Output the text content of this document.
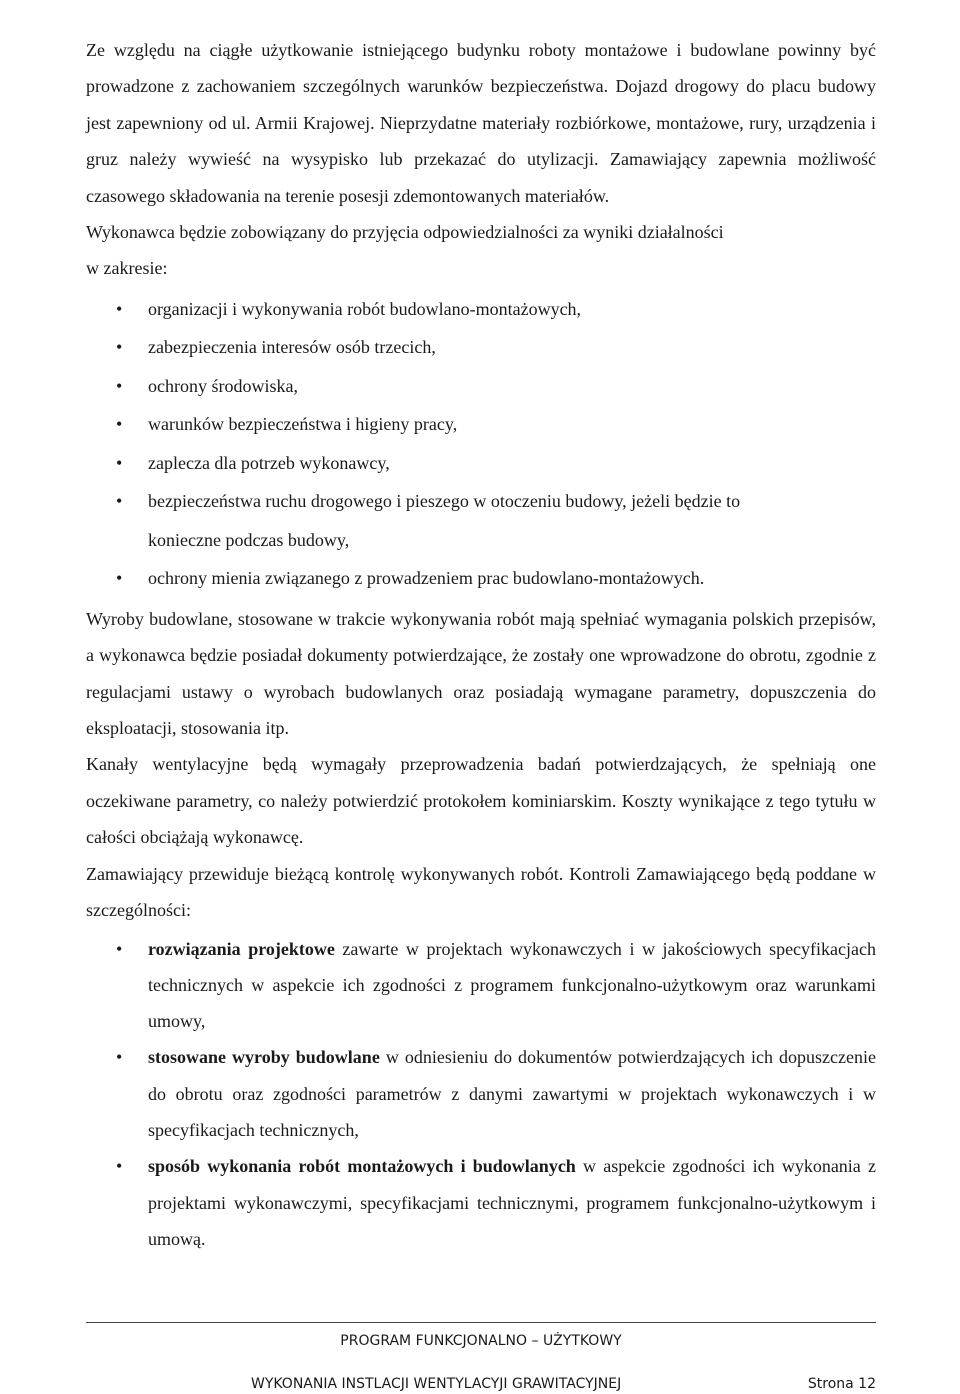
Ze względu na ciągłe użytkowanie istniejącego budynku roboty montażowe i budowlane powinny być prowadzone z zachowaniem szczególnych warunków bezpieczeństwa. Dojazd drogowy do placu budowy jest zapewniony od ul. Armii Krajowej. Nieprzydatne materiały rozbiórkowe, montażowe, rury, urządzenia i gruz należy wywieść na wysypisko lub przekazać do utylizacji. Zamawiający zapewnia możliwość czasowego składowania na terenie posesji zdemontowanych materiałów.

Wykonawca będzie zobowiązany do przyjęcia odpowiedzialności za wyniki działalności
w zakresie:

• organizacji i wykonywania robót budowlano-montażowych,
• zabezpieczenia interesów osób trzecich,
• ochrony środowiska,
• warunków bezpieczeństwa i higieny pracy,
• zaplecza dla potrzeb wykonawcy,
• bezpieczeństwa ruchu drogowego i pieszego w otoczeniu budowy, jeżeli będzie to
konieczne podczas budowy,
• ochrony mienia związanego z prowadzeniem prac budowlano-montażowych.

Wyroby budowlane, stosowane w trakcie wykonywania robót mają spełniać wymagania polskich przepisów, a wykonawca będzie posiadał dokumenty potwierdzające, że zostały one wprowadzone do obrotu, zgodnie z regulacjami ustawy o wyrobach budowlanych oraz posiadają wymagane parametry, dopuszczenia do eksploatacji, stosowania itp.

Kanały wentylacyjne będą wymagały przeprowadzenia badań potwierdzających, że spełniają one oczekiwane parametry, co należy potwierdzić protokołem kominiarskim. Koszty wynikające z tego tytułu w całości obciążają wykonawcę.

Zamawiający przewiduje bieżącą kontrolę wykonywanych robót. Kontroli Zamawiającego będą poddane w szczególności:

• rozwiązania projektowe zawarte w projektach wykonawczych i w jakościowych specyfikacjach technicznych w aspekcie ich zgodności z programem funkcjonalno-użytkowym oraz warunkami umowy,
• stosowane wyroby budowlane w odniesieniu do dokumentów potwierdzających ich dopuszczenie do obrotu oraz zgodności parametrów z danymi zawartymi w projektach wykonawczych i w specyfikacjach technicznych,
• sposób wykonania robót montażowych i budowlanych w aspekcie zgodności ich wykonania z projektami wykonawczymi, specyfikacjami technicznymi, programem funkcjonalno-użytkowym i umową.
PROGRAM FUNKCJONALNO – UŻYTKOWY
WYKONANIA INSTLACJI WENTYLACYJI GRAWITACYJNEJ	Strona 12
